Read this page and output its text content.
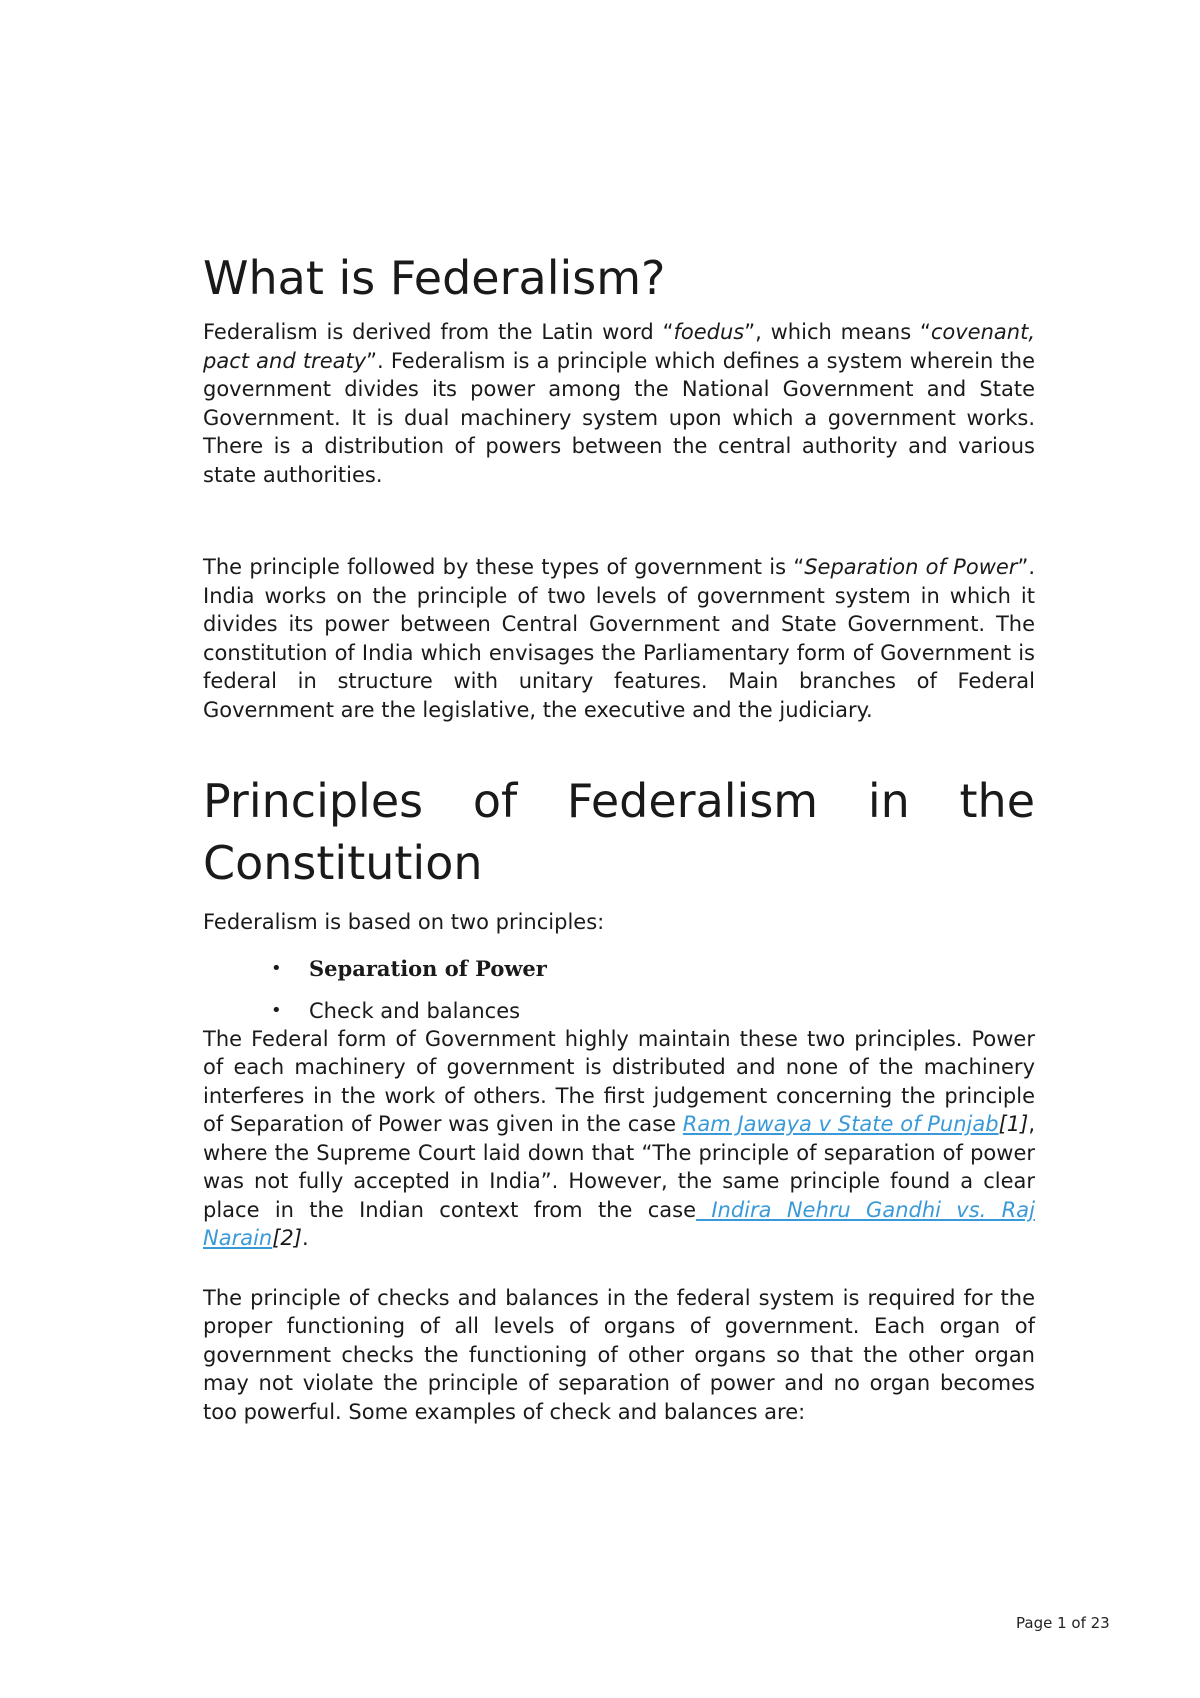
What is Federalism?

Federalism is derived from the Latin word “foedus”, which means “covenant, pact and treaty”. Federalism is a principle which defines a system wherein the government divides its power among the National Government and State Government. It is dual machinery system upon which a government works. There is a distribution of powers between the central authority and various state authorities.

The principle followed by these types of government is “Separation of Power”. India works on the principle of two levels of government system in which it divides its power between Central Government and State Government. The constitution of India which envisages the Parliamentary form of Government is federal in structure with unitary features. Main branches of Federal Government are the legislative, the executive and the judiciary.

Principles of Federalism in the Constitution

Federalism is based on two principles:

• Separation of Power
• Check and balances

The Federal form of Government highly maintain these two principles. Power of each machinery of government is distributed and none of the machinery interferes in the work of others. The first judgement concerning the principle of Separation of Power was given in the case Ram Jawaya v State of Punjab[1], where the Supreme Court laid down that “The principle of separation of power was not fully accepted in India”. However, the same principle found a clear place in the Indian context from the case Indira Nehru Gandhi vs. Raj Narain[2].

The principle of checks and balances in the federal system is required for the proper functioning of all levels of organs of government. Each organ of government checks the functioning of other organs so that the other organ may not violate the principle of separation of power and no organ becomes too powerful. Some examples of check and balances are:

Page 1 of 23
